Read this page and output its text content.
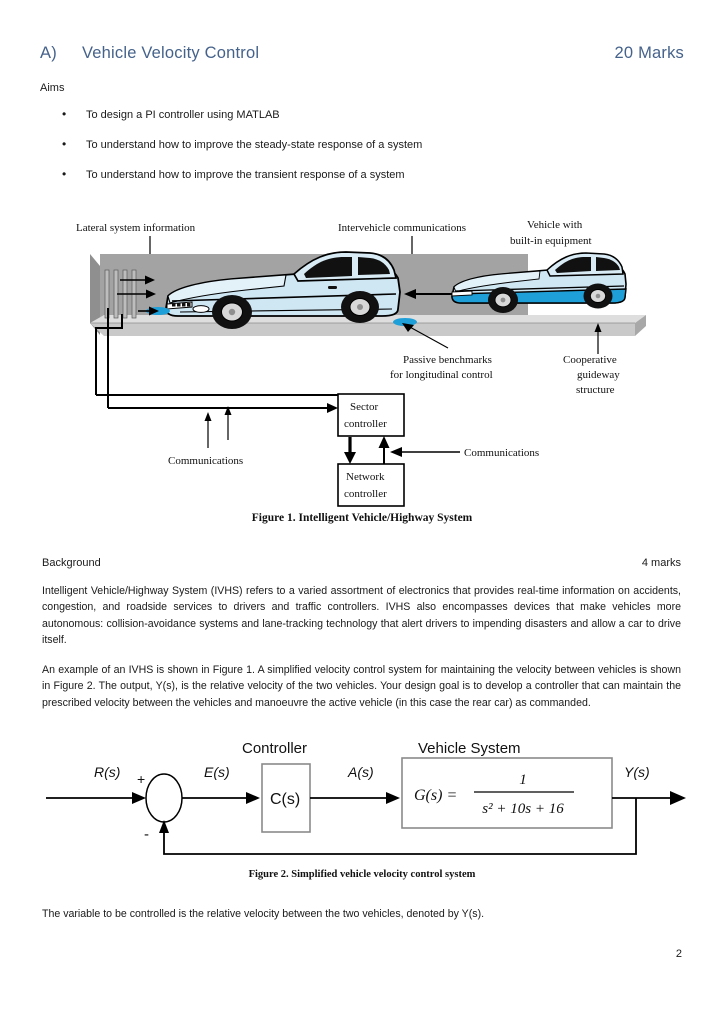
A)	Vehicle Velocity Control	20 Marks
Aims
• To design a PI controller using MATLAB
• To understand how to improve the steady-state response of a system
• To understand how to improve the transient response of a system
Lateral system information	Intervehicle communications	Vehicle with
built-in equipment
Passive benchmarks
for longitudinal control
Cooperative
guideway
structure
Sector
controller
Network
controller
Communications
Communications
Figure 1. Intelligent Vehicle/Highway System
Background	4 marks
Intelligent Vehicle/Highway System (IVHS) refers to a varied assortment of electronics that provides real-time information on accidents, congestion, and roadside services to drivers and traffic controllers. IVHS also encompasses devices that make vehicles more autonomous: collision-avoidance systems and lane-tracking technology that alert drivers to impending disasters and allow a car to drive itself.
An example of an IVHS is shown in Figure 1. A simplified velocity control system for maintaining the velocity between vehicles is shown in Figure 2. The output, Y(s), is the relative velocity of the two vehicles. Your design goal is to develop a controller that can maintain the prescribed velocity between the vehicles and manoeuvre the active vehicle (in this case the rear car) as commanded.
Controller	Vehicle System
R(s) +
-
E(s)
C(s)
A(s)
G(s) =
1
s² + 10s + 16
Y(s)
Figure 2. Simplified vehicle velocity control system
The variable to be controlled is the relative velocity between the two vehicles, denoted by Y(s).
2
